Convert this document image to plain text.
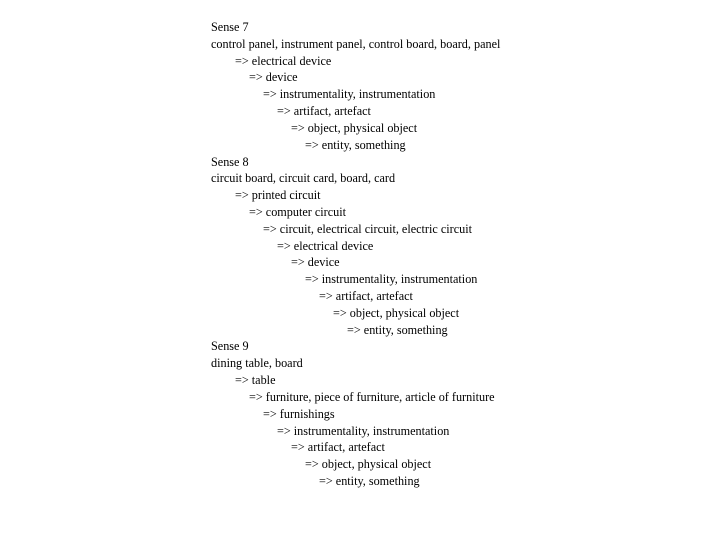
Sense 7
control panel, instrument panel, control board, board, panel
=> electrical device
=> device
=> instrumentality, instrumentation
=> artifact, artefact
=> object, physical object
=> entity, something
Sense 8
circuit board, circuit card, board, card
=> printed circuit
=> computer circuit
=> circuit, electrical circuit, electric circuit
=> electrical device
=> device
=> instrumentality, instrumentation
=> artifact, artefact
=> object, physical object
=> entity, something
Sense 9
dining table, board
=> table
=> furniture, piece of furniture, article of furniture
=> furnishings
=> instrumentality, instrumentation
=> artifact, artefact
=> object, physical object
=> entity, something
